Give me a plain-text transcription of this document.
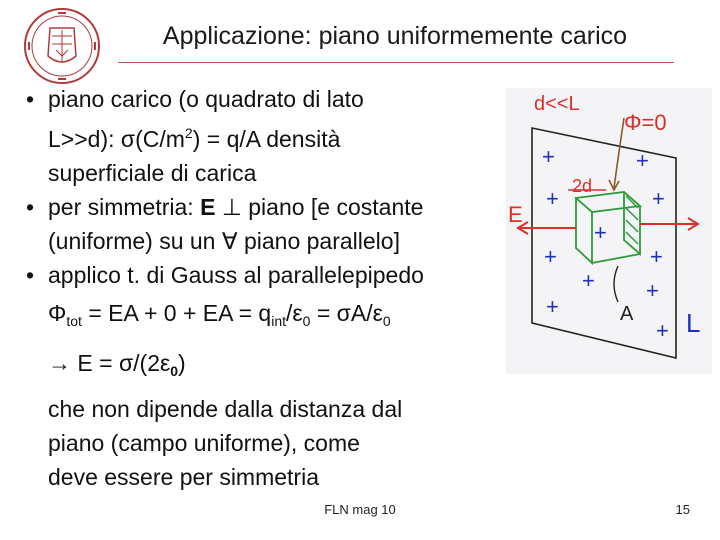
Applicazione: piano uniformemente carico
• piano carico (o quadrato di lato
L>>d): $\sigma(C/m^2) = q/A$ densità
superficiale di carica
• per simmetria: E ⊥ piano [e costante
(uniforme) su un ∀ piano parallelo]
• applico t. di Gauss al parallelepipedo
$\Phi_{tot}$ = EA + 0 + EA = $q_{int}/\varepsilon_0 = \sigma A/\varepsilon_0$
→ $E = \sigma/(2\varepsilon_0)$
che non dipende dalla distanza dal
piano (campo uniforme), come
deve essere per simmetria
d<<L
Φ=0
2d
E
A L
+	+
+
+
+
+	+
+
+
+
+
FLN mag 10	15
